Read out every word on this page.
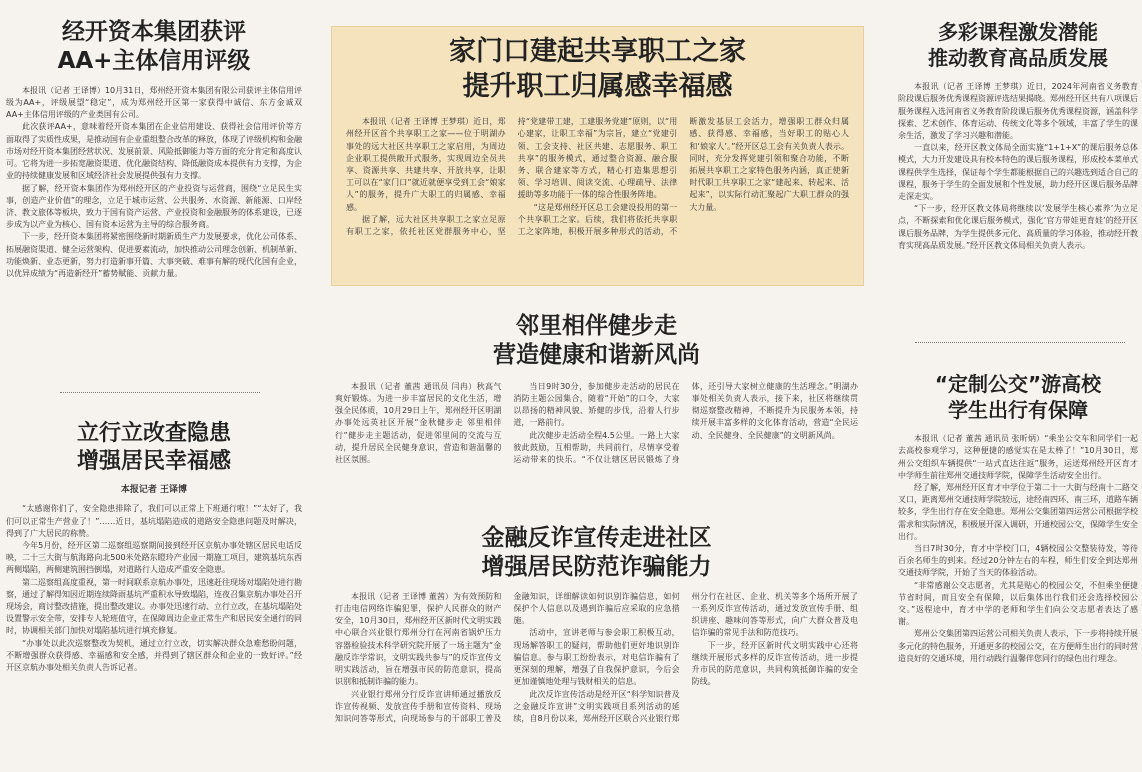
经开资本集团获评
AA+主体信用评级

本报讯（记者 王译博）10月31日，郑州经开资本集团有限公司获评主体信用评级为AA+，评级展望“稳定”，成为郑州经开区第一家获得中诚信、东方金诚双AA+主体信用评级的产业类国有公司。

此次获评AA+，意味着经开资本集团在企业信用建设、获得社会信用评价等方面取得了实质性成果，是推动国有企业重组整合改革的释放，体现了评级机构和金融市场对经开资本集团经营状况、发展前景、风险抵御能力等方面的充分肯定和高度认可。它将为进一步拓宽融资渠道、优化融资结构、降低融资成本提供有力支撑，为企业的持续健康发展和区域经济社会发展提供强有力支撑。

据了解，经开资本集团作为郑州经开区的产业投资与运营商，围绕“立足民生实事，创造产业价值”的理念，立足于城市运营、公共服务、水资源、新能源、口岸经济、教文旅体等板块，致力于国有资产运营、产业投资和金融服务的体系建设，已逐步成为以产业为核心、国有资本运营为主导的综合服务商。

下一步，经开资本集团将紧密围绕新时期新质生产力发展要求，优化公司体系、拓展融资渠道、健全运营架构、促进要素流动，加快推动公司理念创新、机制革新、功能焕新、业态更新，努力打造新事开篇、大事突破、难事有解的现代化国有企业，以优异成绩为“再造新经开”蓄势赋能、贡献力量。

立行立改查隐患
增强居民幸福感
本报记者 王译博

“太感谢你们了，安全隐患排除了，我们可以正常上下班通行啦！”“太好了，我们可以正常生产营业了！”……近日，基坑塌陷造成的道路安全隐患问题及时解决，得到了广大居民的称赞。

今年5月份，经开区第二巡察组巡察期间接到经开区京航办事处辖区居民电话反映，二十三大街与航海路向北500米处路东瞪玲产业园一期施工项目，建筑基坑东西两侧塌陷，两侧建筑围挡倒塌，对道路行人造成严重安全隐患。

第二巡察组高度重视，第一时间联系京航办事处，迅速赶往现场对塌陷处进行勘察，通过了解得知因近期连续降雨基坑严重积水导致塌陷，连夜召集京航办事处召开现场会，商讨整改措施，提出整改建议。办事处迅速行动、立行立改，在基坑塌陷处设置警示安全带，安排专人轮班值守，在保障周边企业正常生产和居民安全通行的同时，协调相关部门加快对塌陷基坑进行填充修复。

“办事处以此次巡察整改为契机，通过立行立改，切实解决群众急难愁盼问题，不断增强群众获得感、幸福感和安全感，并得到了辖区群众和企业的一致好评。”经开区京航办事处相关负责人告诉记者。

家门口建起共享职工之家
提升职工归属感幸福感

本报讯（记者 王译博 王梦琪）近日，郑州经开区首个共享职工之家——位于明湖办事处的远大社区共享职工之家启用，为周边企业职工提供敞开式服务，实现周边全员共享、资源共享、共建共享、开放共享，让职工可以在“家门口”就近就便享受到工会“娘家人”的服务，提升广大职工的归属感、幸福感。

据了解，远大社区共享职工之家立足原有职工之家，依托社区党群服务中心，坚持“党建带工建，工建服务党建”原则，以“用心建家，让职工幸福”为宗旨，建立“党建引领、工会支持、社区共建、志愿服务、职工共享”的服务模式，通过整合资源、融合服务、联合建家等方式，精心打造集思想引领、学习培训、阅读交流、心理疏导、法律援助等多功能于一体的综合性服务阵地。

“这是郑州经开区总工会建设投用的第一个共享职工之家。后续，我们将依托共享职工之家阵地，积极开展多种形式的活动，不断激发基层工会活力，增强职工群众归属感、获得感、幸福感，当好职工的贴心人和‘娘家人’。”经开区总工会有关负责人表示。同时，充分发挥党建引领和聚合功能，不断拓展共享职工之家特色服务内涵，真正使新时代职工共享职工之家“建起来、转起来、活起来”，以实际行动汇聚起广大职工群众的强大力量。

邻里相伴健步走
营造健康和谐新风尚

本报讯（记者 董茜 通讯员 闫冉）秋高气爽好锻炼。为进一步丰富居民的文化生活，增强全民体质，10月29日上午，郑州经开区明湖办事处远英社区开展“金秋健步走 邻里相伴行”健步走主题活动，促进邻里间的交流与互动，提升居民全民健身意识，营造和谐温馨的社区氛围。

当日9时30分，参加健步走活动的居民在消防主题公园集合，随着“开始”的口令，大家以昂扬的精神风貌、矫健的步伐，沿着人行步道，一路前行。

此次健步走活动全程4.5公里。一路上大家彼此鼓励，互相帮助，共同前行，尽情享受着运动带来的快乐。“不仅让辖区居民锻炼了身体，还引导大家树立健康的生活理念。”明湖办事处相关负责人表示，接下来，社区将继续贯彻巡察整改精神，不断提升为民服务本领，持续开展丰富多样的文化体育活动，营造“全民运动、全民健身、全民健康”的文明新风尚。

金融反诈宣传走进社区
增强居民防范诈骗能力

本报讯（记者 王译博 董茜）为有效预防和打击电信网络诈骗犯罪，保护人民群众的财产安全，10月30日，郑州经开区新时代文明实践中心联合兴业银行郑州分行在河南省锅炉压力容器检验技术科学研究院开展了一场主题为“金融反诈学常识，文明实践共参与”的反诈宣传文明实践活动，旨在增强市民的防范意识，提高识别和抵制诈骗的能力。

兴业银行郑州分行反诈宣讲师通过播放反诈宣传视频、发放宣传手册和宣传资料、现场知识问答等形式，向现场参与的干部职工普及金融知识，详细解读如何识别诈骗信息，如何保护个人信息以及遇到诈骗后应采取的应急措施。

活动中，宣讲老师与参会职工积极互动，现场解答职工的疑问，帮助他们更好地识别诈骗信息。参与职工纷纷表示，对电信诈骗有了更深刻的理解，增强了自我保护意识，今后会更加谨慎地处理与钱财相关的信息。

此次反诈宣传活动是经开区“科学知识普及之金融反诈宣讲”文明实践项目系列活动的延续，自8月份以来，郑州经开区联合兴业银行郑州分行在社区、企业、机关等多个场所开展了一系列反诈宣传活动，通过发放宣传手册、组织讲座、趣味问答等形式，向广大群众普及电信诈骗的常见手法和防范技巧。

下一步，经开区新时代文明实践中心还将继续开展形式多样的反诈宣传活动，进一步提升市民的防范意识，共同构筑抵御诈骗的安全防线。

多彩课程激发潜能
推动教育高品质发展

本报讯（记者 王译博 王梦琪）近日，2024年河南省义务教育阶段课后服务优秀课程资源评选结果揭晓。郑州经开区共有八项课后服务课程入选河南省义务教育阶段课后服务优秀课程资源，涵盖科学探索、艺术创作、体育运动、传统文化等多个领域，丰富了学生的课余生活，激发了学习兴趣和潜能。

一直以来，经开区教文体局全面实施“1+1+X”的课后服务总体模式，大力开发建设具有校本特色的课后服务课程，形成校本菜单式课程供学生选择，保证每个学生都能根据自己的兴趣选到适合自己的课程，服务于学生的全面发展和个性发展，助力经开区课后服务品牌走深走实。

“下一步，经开区教文体局将继续以‘发展学生核心素养’为立足点，不断探索和优化课后服务模式，强化‘官方带娃更育娃’的经开区课后服务品牌，为学生提供多元化、高质量的学习体验，推动经开教育实现高品质发展。”经开区教文体局相关负责人表示。

“定制公交”游高校
学生出行有保障

本报讯（记者 董茜 通讯员 张昕炳）“乘坐公交车和同学们一起去高校参观学习，这种便捷的感觉实在是太棒了！”10月30日，郑州公交组织车辆提供“一站式直达往返”服务，运送郑州经开区育才中学师生前往郑州交通技师学院，保障学生活动安全出行。

经了解，郑州经开区育才中学位于第二十一大街与经南十二路交叉口，距离郑州交通技师学院较远，途经南四环、南三环，道路车辆较多，学生出行存在安全隐患。郑州公交集团第四运营公司根据学校需求和实际情况，积极展开深入调研，开通校园公交，保障学生安全出行。

当日7时30分，育才中学校门口，4辆校园公交整装待发，等待百余名师生的到来。经过20分钟左右的车程，师生们安全到达郑州交通技师学院，开始了当天的体验活动。

“非常感谢公交志愿者，尤其是贴心的校园公交，不但乘坐便捷节省时间，而且安全有保障，以后集体出行我们还会选择校园公交。”返程途中，育才中学的老师和学生们向公交志愿者表达了感谢。

郑州公交集团第四运营公司相关负责人表示，下一步将持续开展多元化的特色服务，开通更多的校园公交，在方便师生出行的同时营造良好的交通环境，用行动践行温馨伴您同行的绿色出行理念。
